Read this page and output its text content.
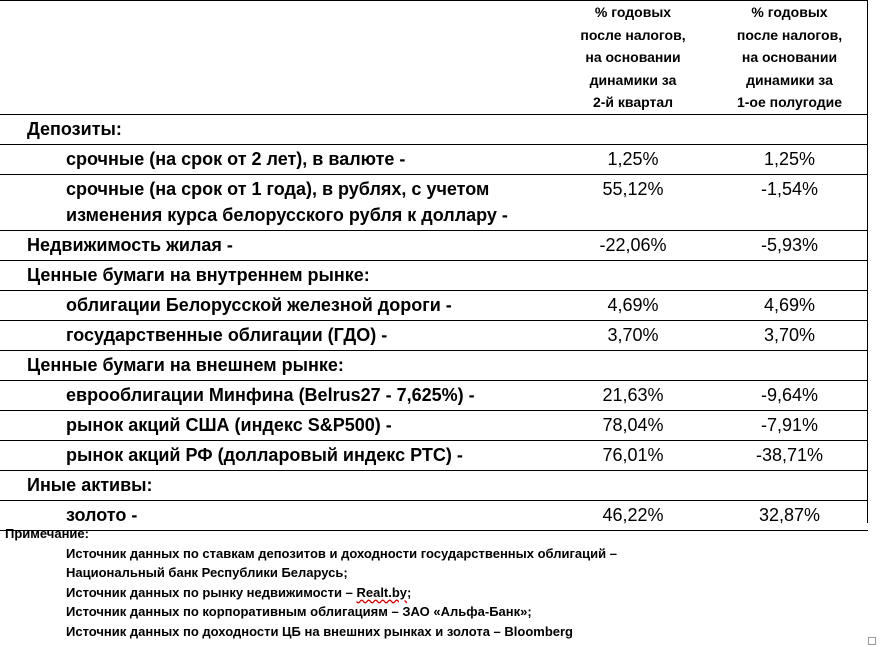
	% годовых
после налогов,
на основании
динамики за
2-й квартал	% годовых
после налогов,
на основании
динамики за
1-ое полугодие
Депозиты:		
срочные (на срок от 2 лет), в валюте -	1,25%	1,25%
срочные (на срок от 1 года), в рублях, с учетом
изменения курса белорусского рубля к доллару -	55,12%	-1,54%
Недвижимость жилая -	-22,06%	-5,93%
Ценные бумаги на внутреннем рынке:		
облигации Белорусской железной дороги -	4,69%	4,69%
государственные облигации (ГДО) -	3,70%	3,70%
Ценные бумаги на внешнем рынке:		
еврооблигации Минфина (Belrus27 - 7,625%) -	21,63%	-9,64%
рынок акций США (индекс S&P500) -	78,04%	-7,91%
рынок акций РФ (долларовый индекс РТС) -	76,01%	-38,71%
Иные активы:		
золото -	46,22%	32,87%
Примечание:
Источник данных по ставкам депозитов и доходности государственных облигаций –
Национальный банк Республики Беларусь;
Источник данных по рынку недвижимости – Realt.by;
Источник данных по корпоративным облигациям – ЗАО «Альфа-Банк»;
Источник данных по доходности ЦБ на внешних рынках и золота – Bloomberg
